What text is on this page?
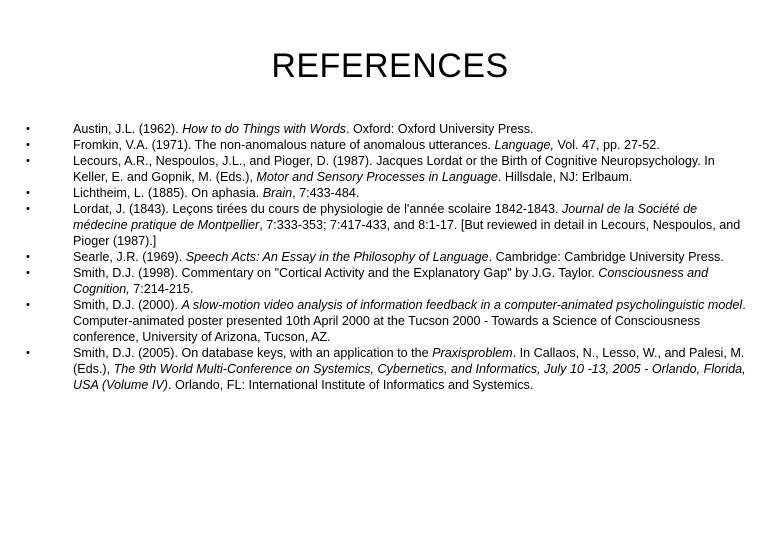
REFERENCES
• Austin, J.L. (1962). How to do Things with Words. Oxford: Oxford University Press.
• Fromkin, V.A. (1971). The non-anomalous nature of anomalous utterances. Language, Vol. 47, pp. 27-52.
• Lecours, A.R., Nespoulos, J.L., and Pioger, D. (1987). Jacques Lordat or the Birth of Cognitive Neuropsychology. In Keller, E. and Gopnik, M. (Eds.), Motor and Sensory Processes in Language. Hillsdale, NJ: Erlbaum.
• Lichtheim, L. (1885). On aphasia. Brain, 7:433-484.
• Lordat, J. (1843). Leçons tirées du cours de physiologie de l'année scolaire 1842-1843. Journal de la Société de médecine pratique de Montpellier, 7:333-353; 7:417-433, and 8:1-17. [But reviewed in detail in Lecours, Nespoulos, and Pioger (1987).]
• Searle, J.R. (1969). Speech Acts: An Essay in the Philosophy of Language. Cambridge: Cambridge University Press.
• Smith, D.J. (1998). Commentary on "Cortical Activity and the Explanatory Gap" by J.G. Taylor. Consciousness and Cognition, 7:214-215.
• Smith, D.J. (2000). A slow-motion video analysis of information feedback in a computer-animated psycholinguistic model. Computer-animated poster presented 10th April 2000 at the Tucson 2000 - Towards a Science of Consciousness conference, University of Arizona, Tucson, AZ.
• Smith, D.J. (2005). On database keys, with an application to the Praxisproblem. In Callaos, N., Lesso, W., and Palesi, M. (Eds.), The 9th World Multi-Conference on Systemics, Cybernetics, and Informatics, July 10 -13, 2005 - Orlando, Florida, USA (Volume IV). Orlando, FL: International Institute of Informatics and Systemics.
